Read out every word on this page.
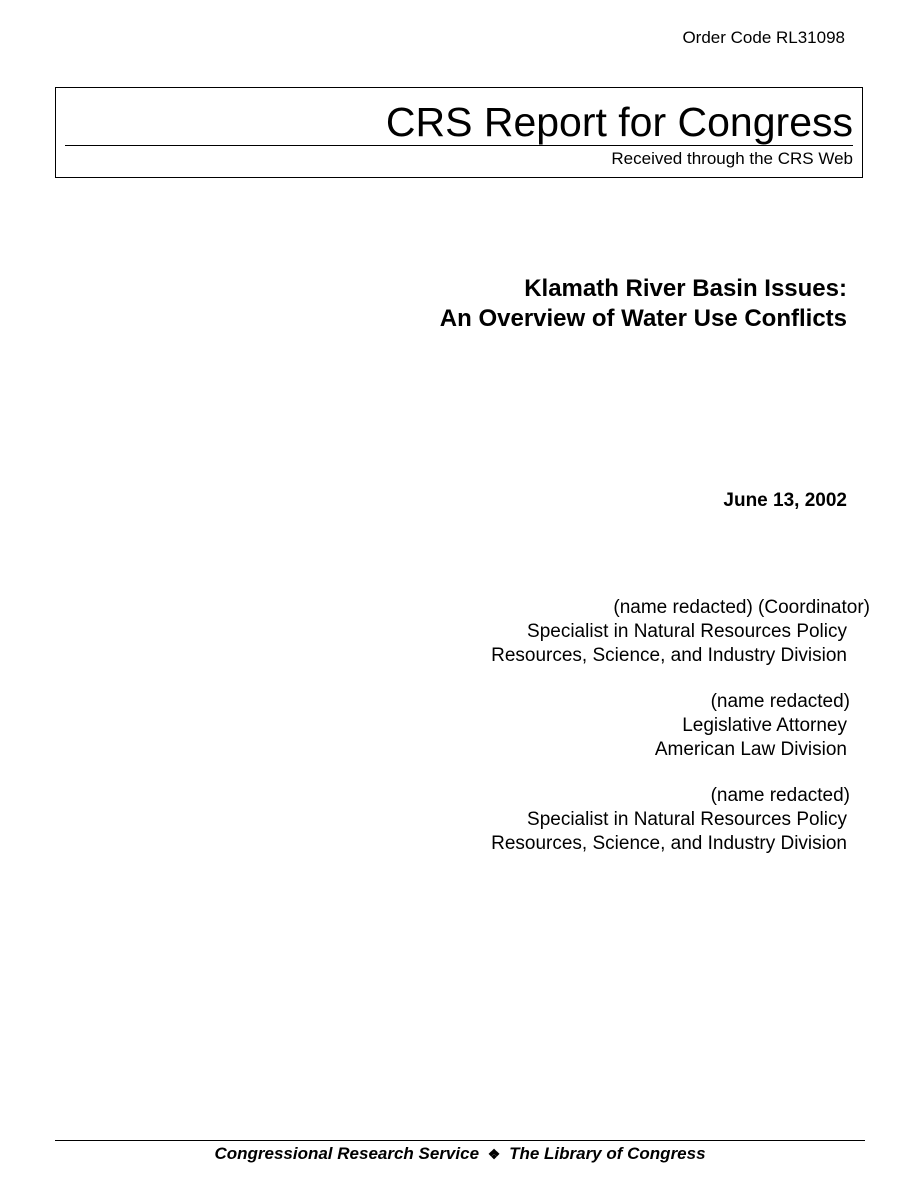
Order Code RL31098
CRS Report for Congress
Received through the CRS Web
Klamath River Basin Issues:
An Overview of Water Use Conflicts
June 13, 2002
(name redacted) (Coordinator)
Specialist in Natural Resources Policy
Resources, Science, and Industry Division
(name redacted)
Legislative Attorney
American Law Division
(name redacted)
Specialist in Natural Resources Policy
Resources, Science, and Industry Division
Congressional Research Service ❖ The Library of Congress
